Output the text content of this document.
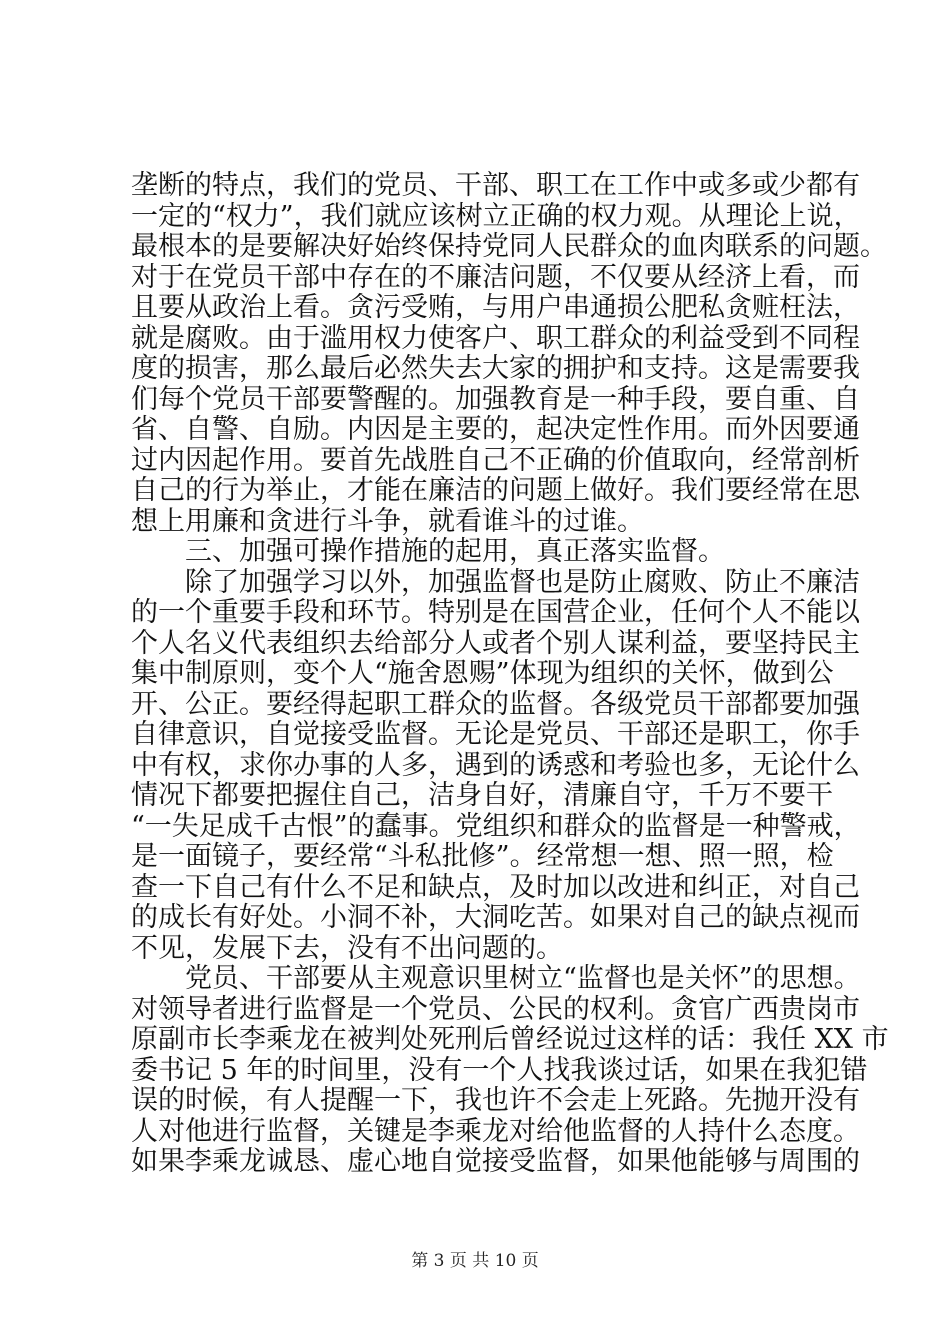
垄断的特点，我们的党员、干部、职工在工作中或多或少都有
一定的“权力”，我们就应该树立正确的权力观。从理论上说，
最根本的是要解决好始终保持党同人民群众的血肉联系的问题。
对于在党员干部中存在的不廉洁问题，不仅要从经济上看，而
且要从政治上看。贪污受贿，与用户串通损公肥私贪赃枉法，
就是腐败。由于滥用权力使客户、职工群众的利益受到不同程
度的损害，那么最后必然失去大家的拥护和支持。这是需要我
们每个党员干部要警醒的。加强教育是一种手段，要自重、自
省、自警、自励。内因是主要的，起决定性作用。而外因要通
过内因起作用。要首先战胜自己不正确的价值取向，经常剖析
自己的行为举止，才能在廉洁的问题上做好。我们要经常在思
想上用廉和贪进行斗争，就看谁斗的过谁。
三、加强可操作措施的起用，真正落实监督。
除了加强学习以外，加强监督也是防止腐败、防止不廉洁
的一个重要手段和环节。特别是在国营企业，任何个人不能以
个人名义代表组织去给部分人或者个别人谋利益，要坚持民主
集中制原则，变个人“施舍恩赐”体现为组织的关怀，做到公
开、公正。要经得起职工群众的监督。各级党员干部都要加强
自律意识，自觉接受监督。无论是党员、干部还是职工，你手
中有权，求你办事的人多，遇到的诱惑和考验也多，无论什么
情况下都要把握住自己，洁身自好，清廉自守，千万不要干
“一失足成千古恨”的蠢事。党组织和群众的监督是一种警戒，
是一面镜子，要经常“斗私批修”。经常想一想、照一照，检
查一下自己有什么不足和缺点，及时加以改进和纠正，对自己
的成长有好处。小洞不补，大洞吃苦。如果对自己的缺点视而
不见，发展下去，没有不出问题的。
党员、干部要从主观意识里树立“监督也是关怀”的思想。
对领导者进行监督是一个党员、公民的权利。贪官广西贵岗市
原副市长李乘龙在被判处死刑后曾经说过这样的话：我任 XX 市
委书记 5 年的时间里，没有一个人找我谈过话，如果在我犯错
误的时候，有人提醒一下，我也许不会走上死路。先抛开没有
人对他进行监督，关键是李乘龙对给他监督的人持什么态度。
如果李乘龙诚恳、虚心地自觉接受监督，如果他能够与周围的
第 3 页 共 10 页
